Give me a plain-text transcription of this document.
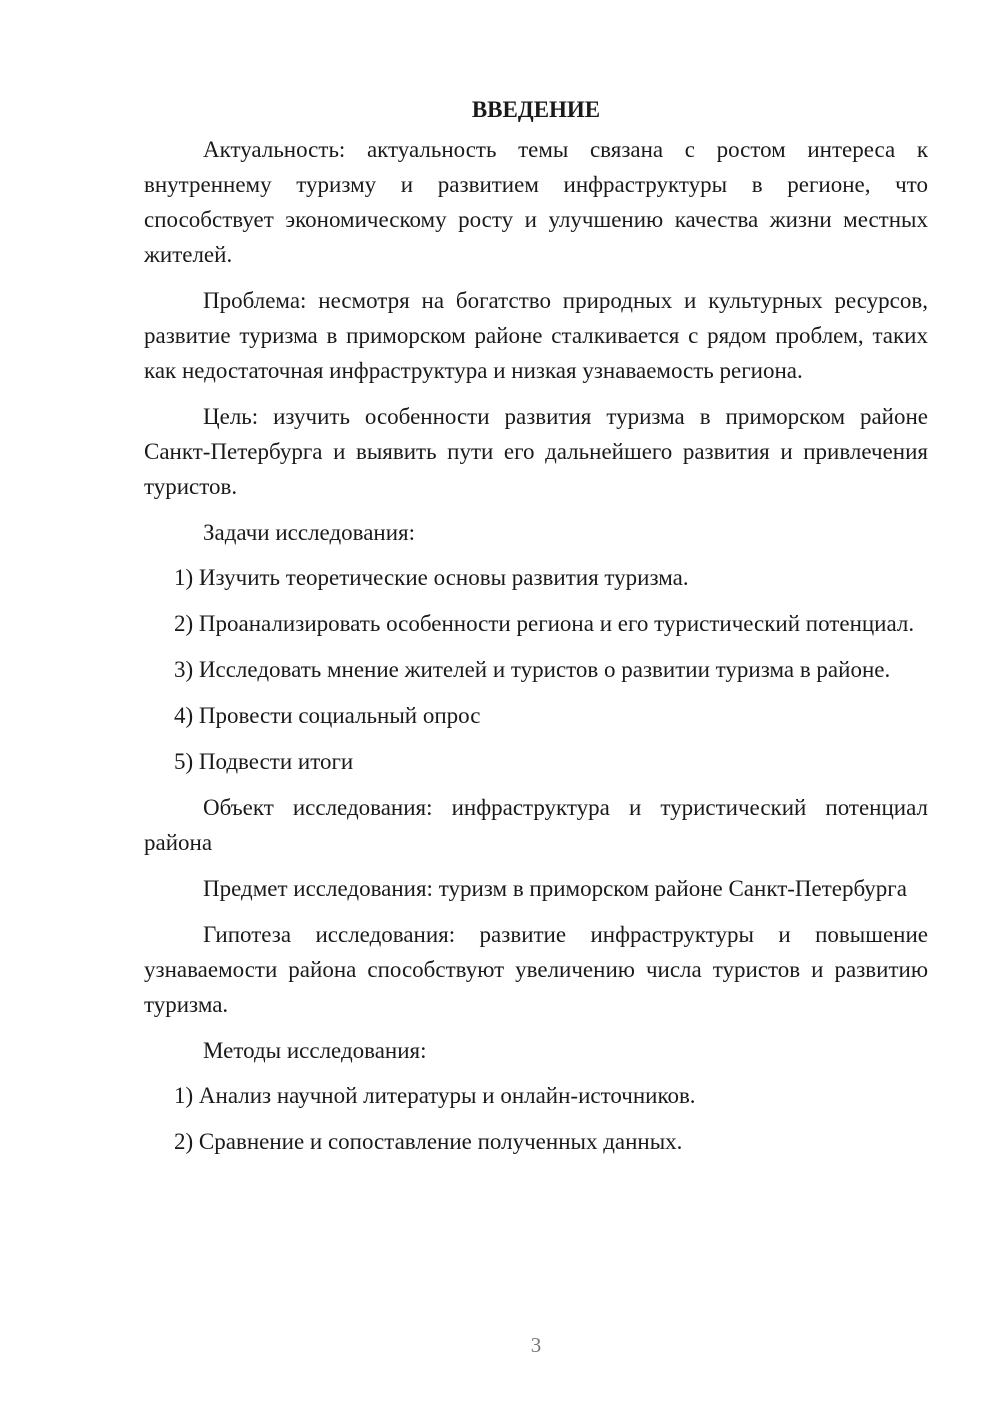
ВВЕДЕНИЕ

Актуальность: актуальность темы связана с ростом интереса к внутреннему туризму и развитием инфраструктуры в регионе, что способствует экономическому росту и улучшению качества жизни местных жителей.

Проблема: несмотря на богатство природных и культурных ресурсов, развитие туризма в приморском районе сталкивается с рядом проблем, таких как недостаточная инфраструктура и низкая узнаваемость региона.

Цель: изучить особенности развития туризма в приморском районе Санкт-Петербурга и выявить пути его дальнейшего развития и привлечения туристов.

Задачи исследования:

1) Изучить теоретические основы развития туризма.

2) Проанализировать особенности региона и его туристический потенциал.

3) Исследовать мнение жителей и туристов о развитии туризма в районе.

4) Провести социальный опрос

5) Подвести итоги

Объект исследования: инфраструктура и туристический потенциал района

Предмет исследования: туризм в приморском районе Санкт-Петербурга

Гипотеза исследования: развитие инфраструктуры и повышение узнаваемости района способствуют увеличению числа туристов и развитию туризма.

Методы исследования:

1) Анализ научной литературы и онлайн-источников.

2) Сравнение и сопоставление полученных данных.

3
